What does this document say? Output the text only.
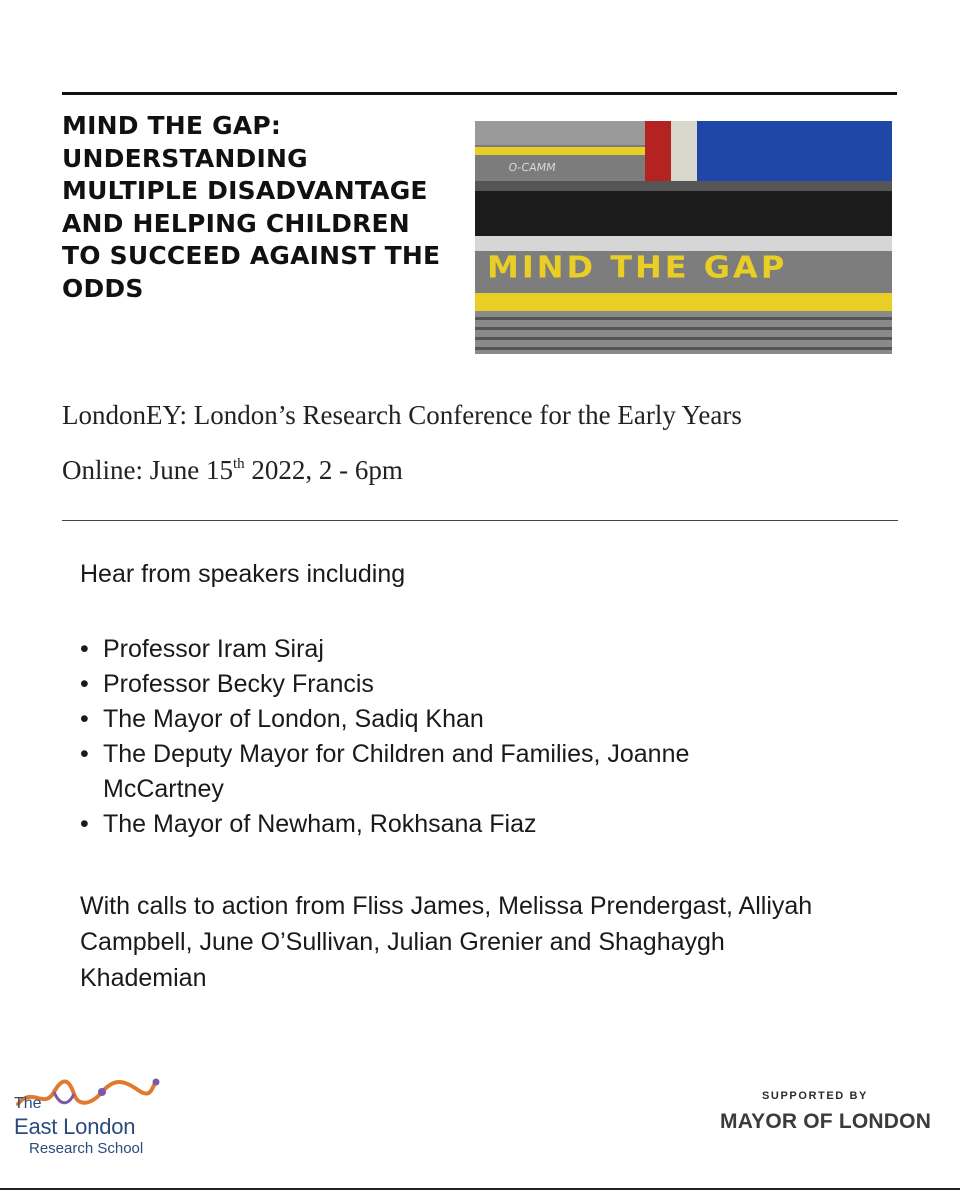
MIND THE GAP: UNDERSTANDING MULTIPLE DISADVANTAGE AND HELPING CHILDREN TO SUCCEED AGAINST THE ODDS
O-CAMM
MIND THE GAP
LondonEY: London’s Research Conference for the Early Years
Online: June 15th 2022, 2 - 6pm
Hear from speakers including
• Professor Iram Siraj
• Professor Becky Francis
• The Mayor of London, Sadiq Khan
• The Deputy Mayor for Children and Families, Joanne McCartney
• The Mayor of Newham, Rokhsana Fiaz
With calls to action from Fliss James, Melissa Prendergast, Alliyah Campbell, June O’Sullivan, Julian Grenier and Shaghaygh Khademian
The
East London
Research School
SUPPORTED BY
MAYOR OF LONDON
